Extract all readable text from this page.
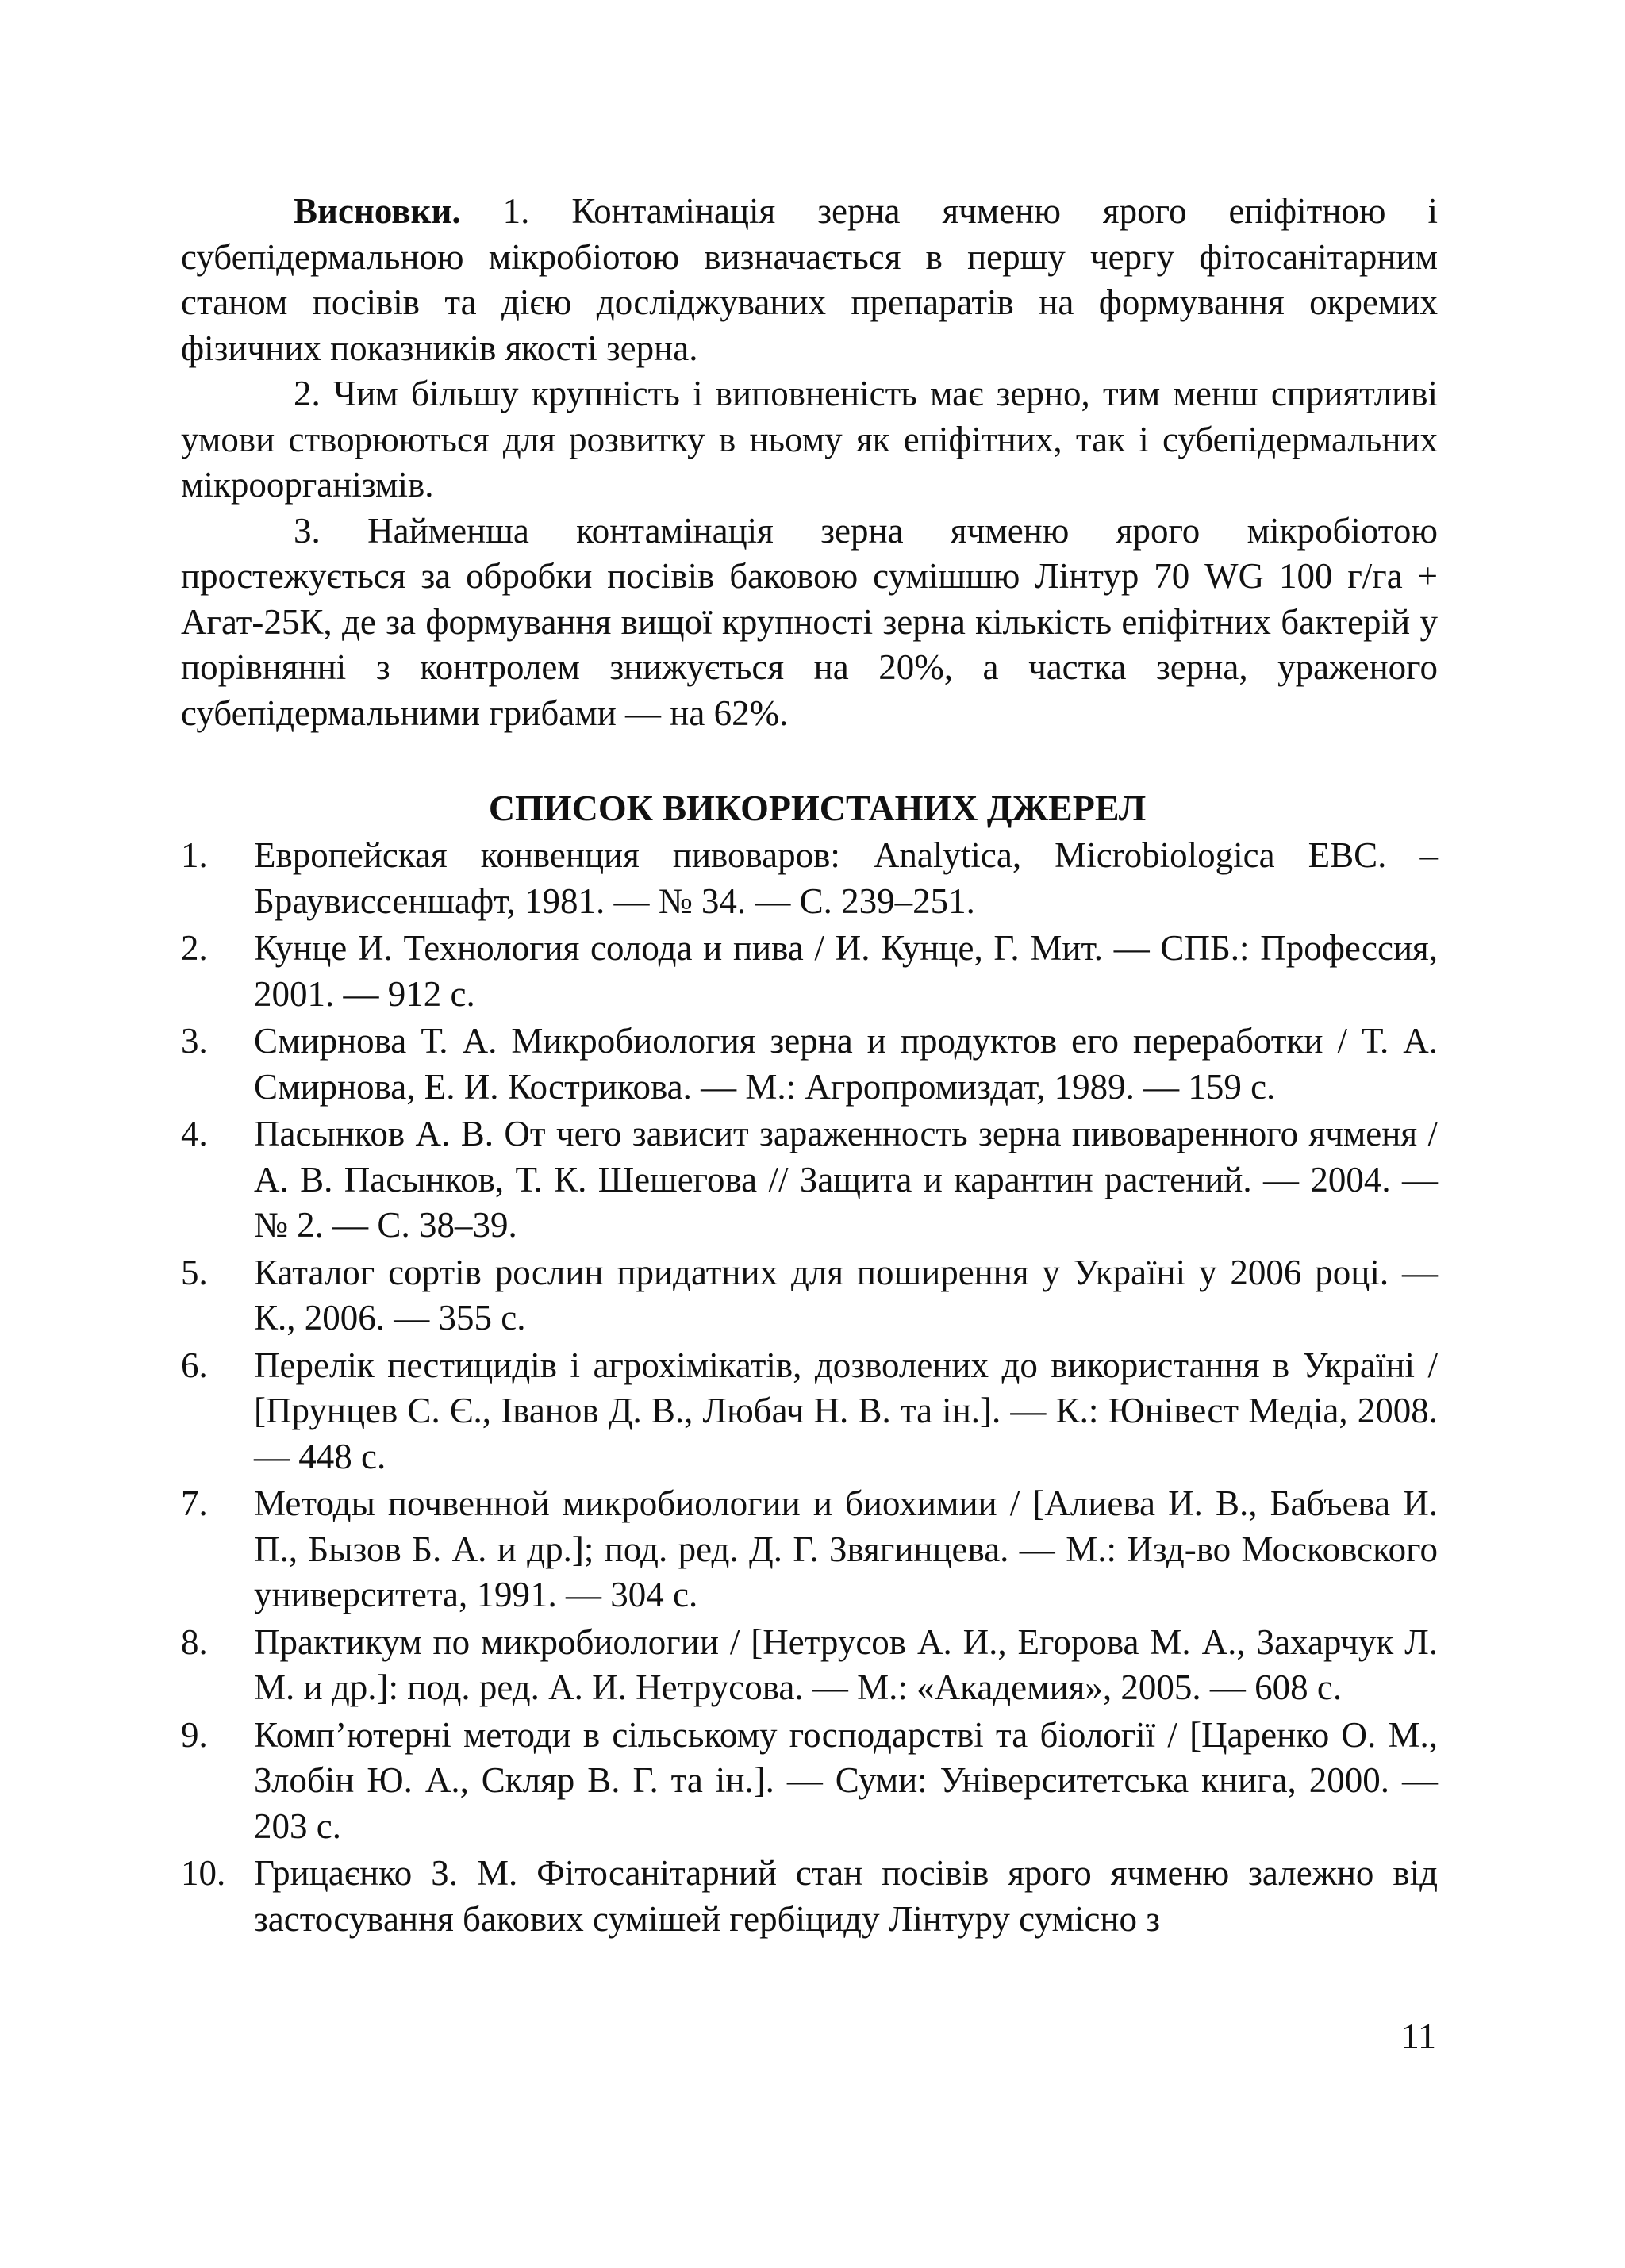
Висновки. 1. Контамінація зерна ячменю ярого епіфітною і субепідермальною мікробіотою визначається в першу чергу фітосанітарним станом посівів та дією досліджуваних препаратів на формування окремих фізичних показників якості зерна.

2. Чим більшу крупність і виповненість має зерно, тим менш сприятливі умови створюються для розвитку в ньому як епіфітних, так і субепідермальних мікроорганізмів.

3. Найменша контамінація зерна ячменю ярого мікробіотою простежується за обробки посівів баковою сумішшю Лінтур 70 WG 100 г/га + Агат-25К, де за формування вищої крупності зерна кількість епіфітних бактерій у порівнянні з контролем знижується на 20%, а частка зерна, ураженого субепідермальними грибами — на 62%.

СПИСОК ВИКОРИСТАНИХ ДЖЕРЕЛ
1. Европейская конвенция пивоваров: Analytica, Microbiologica EBC. – Браувиссеншафт, 1981. — № 34. — С. 239–251.
2. Кунце И. Технология солода и пива / И. Кунце, Г. Мит. — СПБ.: Профессия, 2001. — 912 с.
3. Смирнова Т. А. Микробиология зерна и продуктов его переработки / Т. А. Смирнова, Е. И. Кострикова. — М.: Агропромиздат, 1989. — 159 с.
4. Пасынков А. В. От чего зависит зараженность зерна пивоваренного ячменя / А. В. Пасынков, Т. К. Шешегова // Защита и карантин растений. — 2004. — № 2. — С. 38–39.
5. Каталог сортів рослин придатних для поширення у Україні у 2006 році. — К., 2006. — 355 с.
6. Перелік пестицидів і агрохімікатів, дозволених до використання в Україні / [Прунцев С. Є., Іванов Д. В., Любач Н. В. та ін.]. — К.: Юнівест Медіа, 2008. — 448 с.
7. Методы почвенной микробиологии и биохимии / [Алиева И. В., Бабъева И. П., Бызов Б. А. и др.]; под. ред. Д. Г. Звягинцева. — М.: Изд-во Московского университета, 1991. — 304 с.
8. Практикум по микробиологии / [Нетрусов А. И., Егорова М. А., Захарчук Л. М. и др.]: под. ред. А. И. Нетрусова. — М.: «Академия», 2005. — 608 с.
9. Комп’ютерні методи в сільському господарстві та біології / [Царенко О. М., Злобін Ю. А., Скляр В. Г. та ін.]. — Суми: Університетська книга, 2000. — 203 с.
10. Грицаєнко З. М. Фітосанітарний стан посівів ярого ячменю залежно від застосування бакових сумішей гербіциду Лінтуру сумісно з
11
